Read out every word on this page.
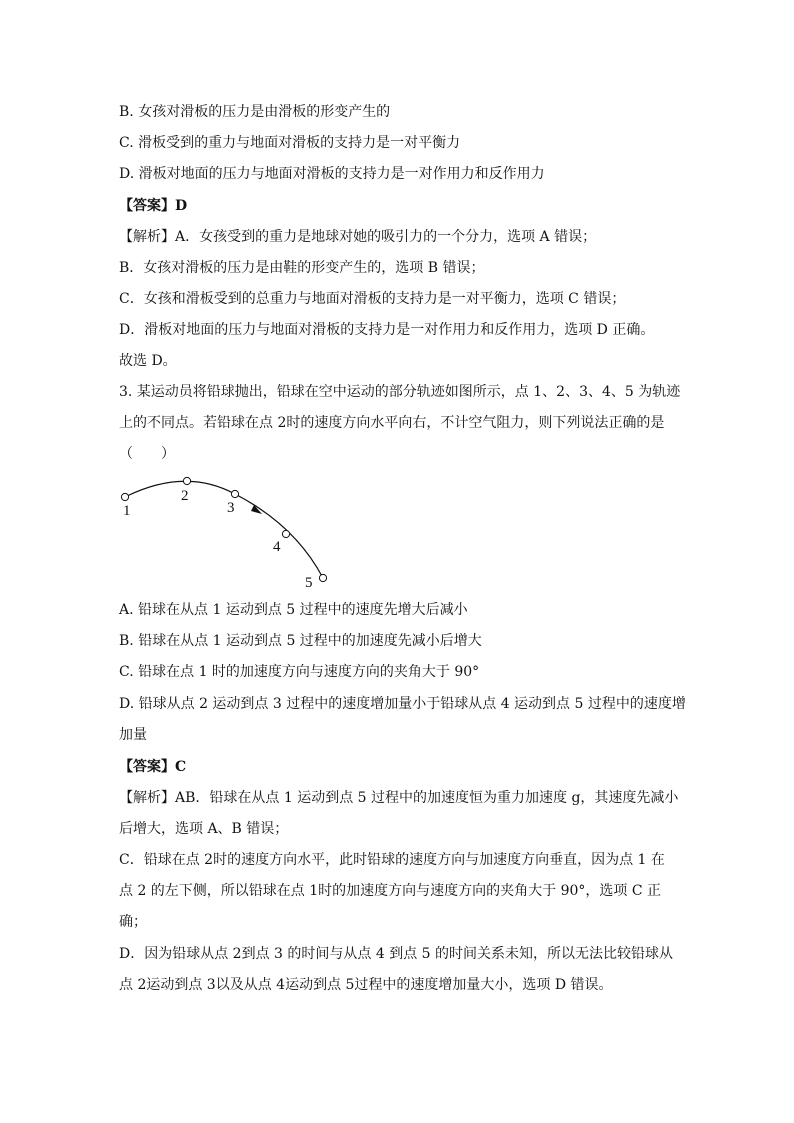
B. 女孩对滑板的压力是由滑板的形变产生的
C. 滑板受到的重力与地面对滑板的支持力是一对平衡力
D. 滑板对地面的压力与地面对滑板的支持力是一对作用力和反作用力
【答案】D
【解析】A．女孩受到的重力是地球对她的吸引力的一个分力，选项 A 错误；
B．女孩对滑板的压力是由鞋的形变产生的，选项 B 错误；
C．女孩和滑板受到的总重力与地面对滑板的支持力是一对平衡力，选项 C 错误；
D．滑板对地面的压力与地面对滑板的支持力是一对作用力和反作用力，选项 D 正确。
故选 D。
3. 某运动员将铅球抛出，铅球在空中运动的部分轨迹如图所示，点 1、2、3、4、5 为轨迹
上的不同点。若铅球在点 2时的速度方向水平向右，不计空气阻力，则下列说法正确的是
（　　）
1
2
3
4
5
A. 铅球在从点 1 运动到点 5 过程中的速度先增大后减小
B. 铅球在从点 1 运动到点 5 过程中的加速度先减小后增大
C. 铅球在点 1 时的加速度方向与速度方向的夹角大于 90°
D. 铅球从点 2 运动到点 3 过程中的速度增加量小于铅球从点 4 运动到点 5 过程中的速度增
加量
【答案】C
【解析】AB．铅球在从点 1 运动到点 5 过程中的加速度恒为重力加速度 g，其速度先减小
后增大，选项 A、B 错误；
C．铅球在点 2时的速度方向水平，此时铅球的速度方向与加速度方向垂直，因为点 1 在
点 2 的左下侧，所以铅球在点 1时的加速度方向与速度方向的夹角大于 90°，选项 C 正
确；
D．因为铅球从点 2到点 3 的时间与从点 4 到点 5 的时间关系未知，所以无法比较铅球从
点 2运动到点 3以及从点 4运动到点 5过程中的速度增加量大小，选项 D 错误。
